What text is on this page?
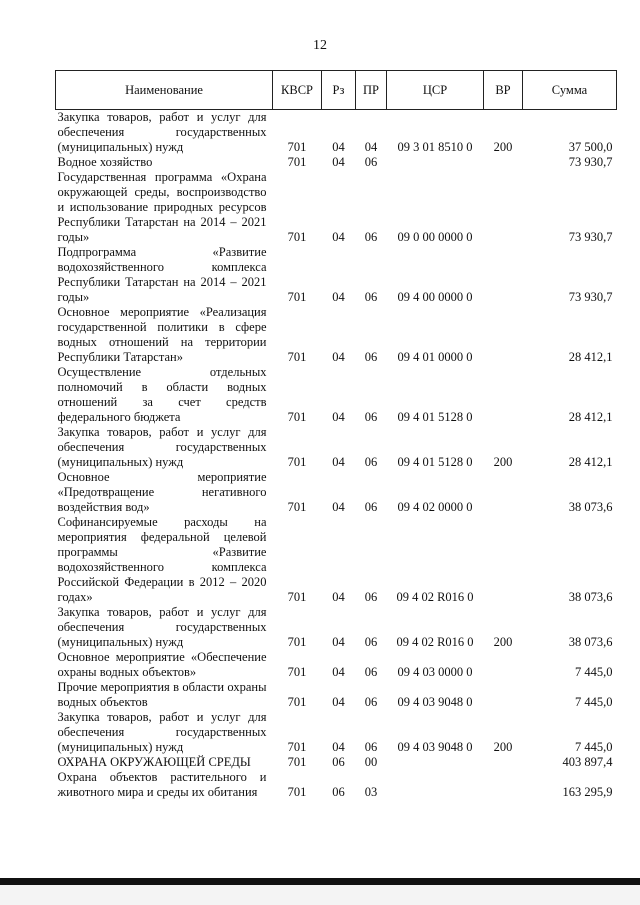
12
Наименование	КВСР	Рз	ПР	ЦСР	ВР	Сумма
Закупка товаров, работ и услуг для обеспечения государственных (муниципальных) нужд	701	04	04	09 3 01 8510 0	200	37 500,0
Водное хозяйство	701	04	06			73 930,7
Государственная программа «Охрана окружающей среды, воспроизводство и использование природных ресурсов Республики Татарстан на 2014 – 2021 годы»	701	04	06	09 0 00 0000 0		73 930,7
Подпрограмма «Развитие водохозяйственного комплекса Республики Татарстан на 2014 – 2021 годы»	701	04	06	09 4 00 0000 0		73 930,7
Основное мероприятие «Реализация государственной политики в сфере водных отношений на территории Республики Татарстан»	701	04	06	09 4 01 0000 0		28 412,1
Осуществление отдельных полномочий в области водных отношений за счет средств федерального бюджета	701	04	06	09 4 01 5128 0		28 412,1
Закупка товаров, работ и услуг для обеспечения государственных (муниципальных) нужд	701	04	06	09 4 01 5128 0	200	28 412,1
Основное мероприятие «Предотвращение негативного воздействия вод»	701	04	06	09 4 02 0000 0		38 073,6
Софинансируемые расходы на мероприятия федеральной целевой программы «Развитие водохозяйственного комплекса Российской Федерации в 2012 – 2020 годах»	701	04	06	09 4 02 R016 0		38 073,6
Закупка товаров, работ и услуг для обеспечения государственных (муниципальных) нужд	701	04	06	09 4 02 R016 0	200	38 073,6
Основное мероприятие «Обеспечение охраны водных объектов»	701	04	06	09 4 03 0000 0		7 445,0
Прочие мероприятия в области охраны водных объектов	701	04	06	09 4 03 9048 0		7 445,0
Закупка товаров, работ и услуг для обеспечения государственных (муниципальных) нужд	701	04	06	09 4 03 9048 0	200	7 445,0
ОХРАНА ОКРУЖАЮЩЕЙ СРЕДЫ	701	06	00			403 897,4
Охрана объектов растительного и животного мира и среды их обитания	701	06	03			163 295,9
